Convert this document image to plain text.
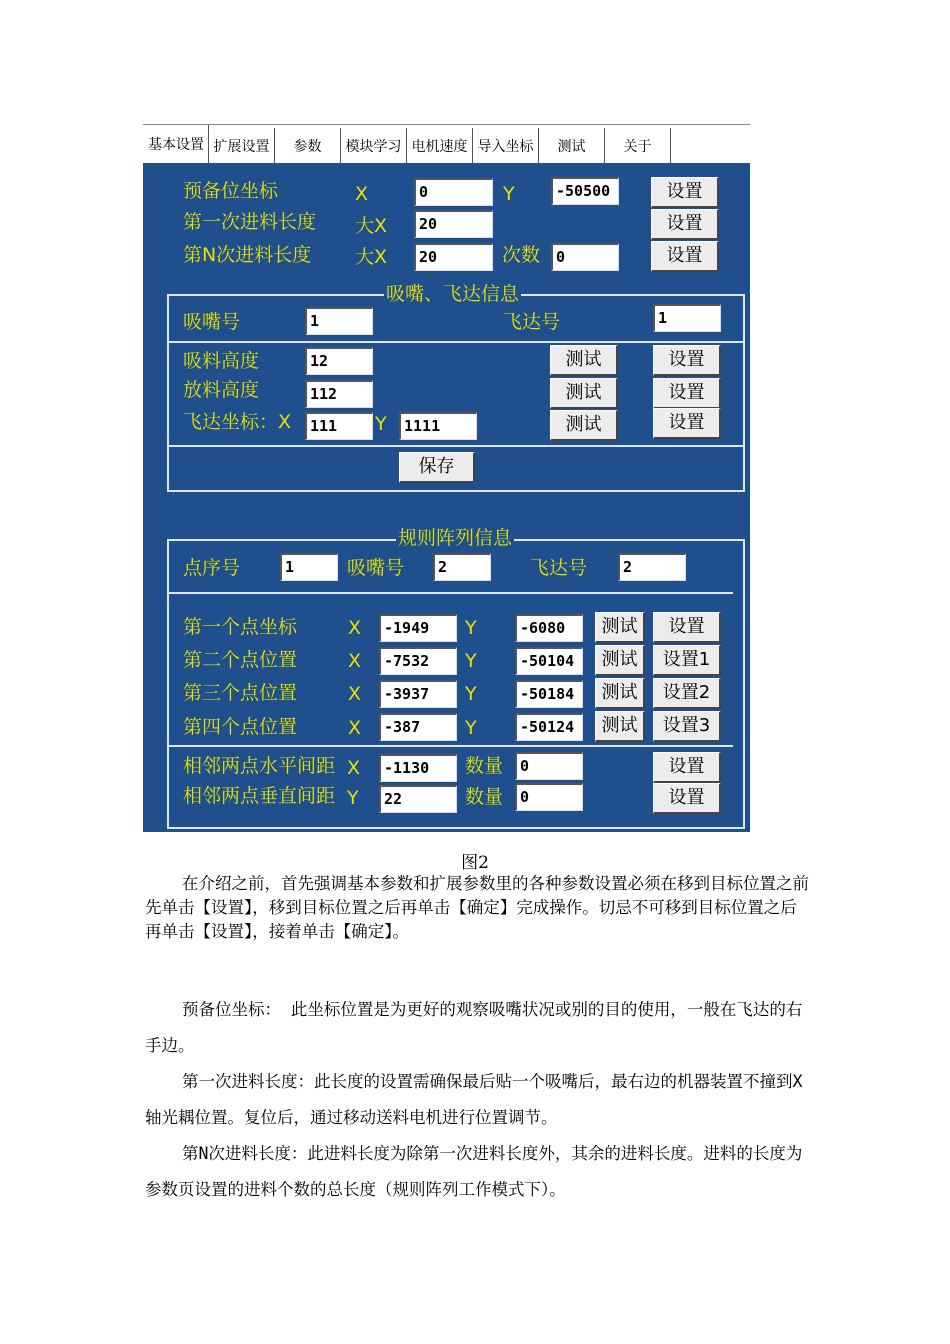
基本设置 扩展设置	参数	模块学习 电机速度 导入坐标	测试	关于
预备位坐标	X	0	Y	-50500	设置
第一次进料长度 大X	20	设置
第N次进料长度 大X	20	次数	0	设置
吸嘴、飞达信息
吸嘴号	1	飞达号	1
吸料高度	12	测试	设置
放料高度	112	测试	设置
飞达坐标：X	111	Y	1111	测试	设置
保存
规则阵列信息
点序号	1	吸嘴号	2	飞达号	2
第一个点坐标	X	-1949	Y	-6080	测试	设置
第二个点位置	X	-7532	Y	-50104	测试	设置1
第三个点位置	X	-3937	Y	-50184	测试	设置2
第四个点位置	X	-387	Y	-50124	测试	设置3
相邻两点水平间距 X	-1130	数量	0	设置
相邻两点垂直间距 Y	22	数量	0	设置
图2
在介绍之前，首先强调基本参数和扩展参数里的各种参数设置必须在移到目标位置之前先单击【设置】，移到目标位置之后再单击【确定】完成操作。切忌不可移到目标位置之后再单击【设置】，接着单击【确定】。
预备位坐标： 此坐标位置是为更好的观察吸嘴状况或别的目的使用，一般在飞达的右手边。
第一次进料长度：此长度的设置需确保最后贴一个吸嘴后，最右边的机器装置不撞到X轴光耦位置。复位后，通过移动送料电机进行位置调节。
第N次进料长度：此进料长度为除第一次进料长度外，其余的进料长度。进料的长度为参数页设置的进料个数的总长度（规则阵列工作模式下）。
